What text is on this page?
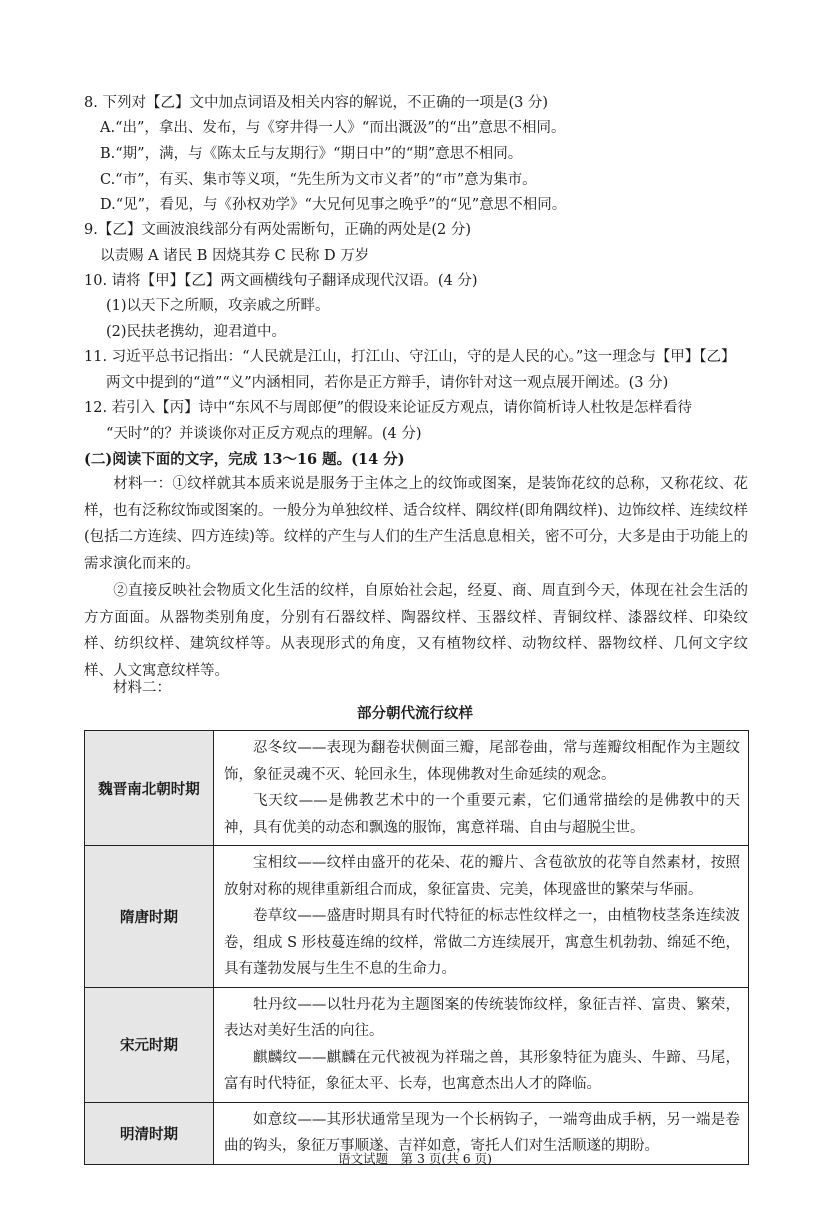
8. 下列对【乙】文中加点词语及相关内容的解说，不正确的一项是(3 分)
A.“出”，拿出、发布，与《穿井得一人》“而出溉汲”的“出”意思不相同。
B.“期”，满，与《陈太丘与友期行》“期日中”的“期”意思不相同。
C.“市”，有买、集市等义项，“先生所为文市义者”的“市”意为集市。
D.“见”，看见，与《孙权劝学》“大兄何见事之晚乎”的“见”意思不相同。
9.【乙】文画波浪线部分有两处需断句，正确的两处是(2 分)
以责赐 A 诸民 B 因烧其券 C 民称 D 万岁
10. 请将【甲】【乙】两文画横线句子翻译成现代汉语。(4 分)
(1)以天下之所顺，攻亲戚之所畔。
(2)民扶老携幼，迎君道中。
11. 习近平总书记指出：“人民就是江山，打江山、守江山，守的是人民的心。”这一理念与【甲】【乙】
两文中提到的“道”“义”内涵相同，若你是正方辩手，请你针对这一观点展开阐述。(3 分)
12. 若引入【丙】诗中“东风不与周郎便”的假设来论证反方观点，请你简析诗人杜牧是怎样看待
“天时”的？并谈谈你对正反方观点的理解。(4 分)
(二)阅读下面的文字，完成 13～16 题。(14 分)
材料一：①纹样就其本质来说是服务于主体之上的纹饰或图案，是装饰花纹的总称，又称花纹、花样，也有泛称纹饰或图案的。一般分为单独纹样、适合纹样、隅纹样(即角隅纹样)、边饰纹样、连续纹样(包括二方连续、四方连续)等。纹样的产生与人们的生产生活息息相关，密不可分，大多是由于功能上的需求演化而来的。
②直接反映社会物质文化生活的纹样，自原始社会起，经夏、商、周直到今天，体现在社会生活的方方面面。从器物类别角度，分别有石器纹样、陶器纹样、玉器纹样、青铜纹样、漆器纹样、印染纹样、纺织纹样、建筑纹样等。从表现形式的角度，又有植物纹样、动物纹样、器物纹样、几何文字纹样、人文寓意纹样等。
材料二：
部分朝代流行纹样
魏晋南北朝时期	忍冬纹——表现为翻卷状侧面三瓣，尾部卷曲，常与莲瓣纹相配作为主题纹饰，象征灵魂不灭、轮回永生，体现佛教对生命延续的观念。

飞天纹——是佛教艺术中的一个重要元素，它们通常描绘的是佛教中的天神，具有优美的动态和飘逸的服饰，寓意祥瑞、自由与超脱尘世。

隋唐时期	宝相纹——纹样由盛开的花朵、花的瓣片、含苞欲放的花等自然素材，按照放射对称的规律重新组合而成，象征富贵、完美，体现盛世的繁荣与华丽。

卷草纹——盛唐时期具有时代特征的标志性纹样之一，由植物枝茎条连续波卷，组成 S 形枝蔓连绵的纹样，常做二方连续展开，寓意生机勃勃、绵延不绝，具有蓬勃发展与生生不息的生命力。

宋元时期	牡丹纹——以牡丹花为主题图案的传统装饰纹样，象征吉祥、富贵、繁荣，表达对美好生活的向往。

麒麟纹——麒麟在元代被视为祥瑞之兽，其形象特征为鹿头、牛蹄、马尾，富有时代特征，象征太平、长寿，也寓意杰出人才的降临。

明清时期	如意纹——其形状通常呈现为一个长柄钩子，一端弯曲成手柄，另一端是卷曲的钩头，象征万事顺遂、吉祥如意，寄托人们对生活顺遂的期盼。

语文试题　第 3 页(共 6 页)
